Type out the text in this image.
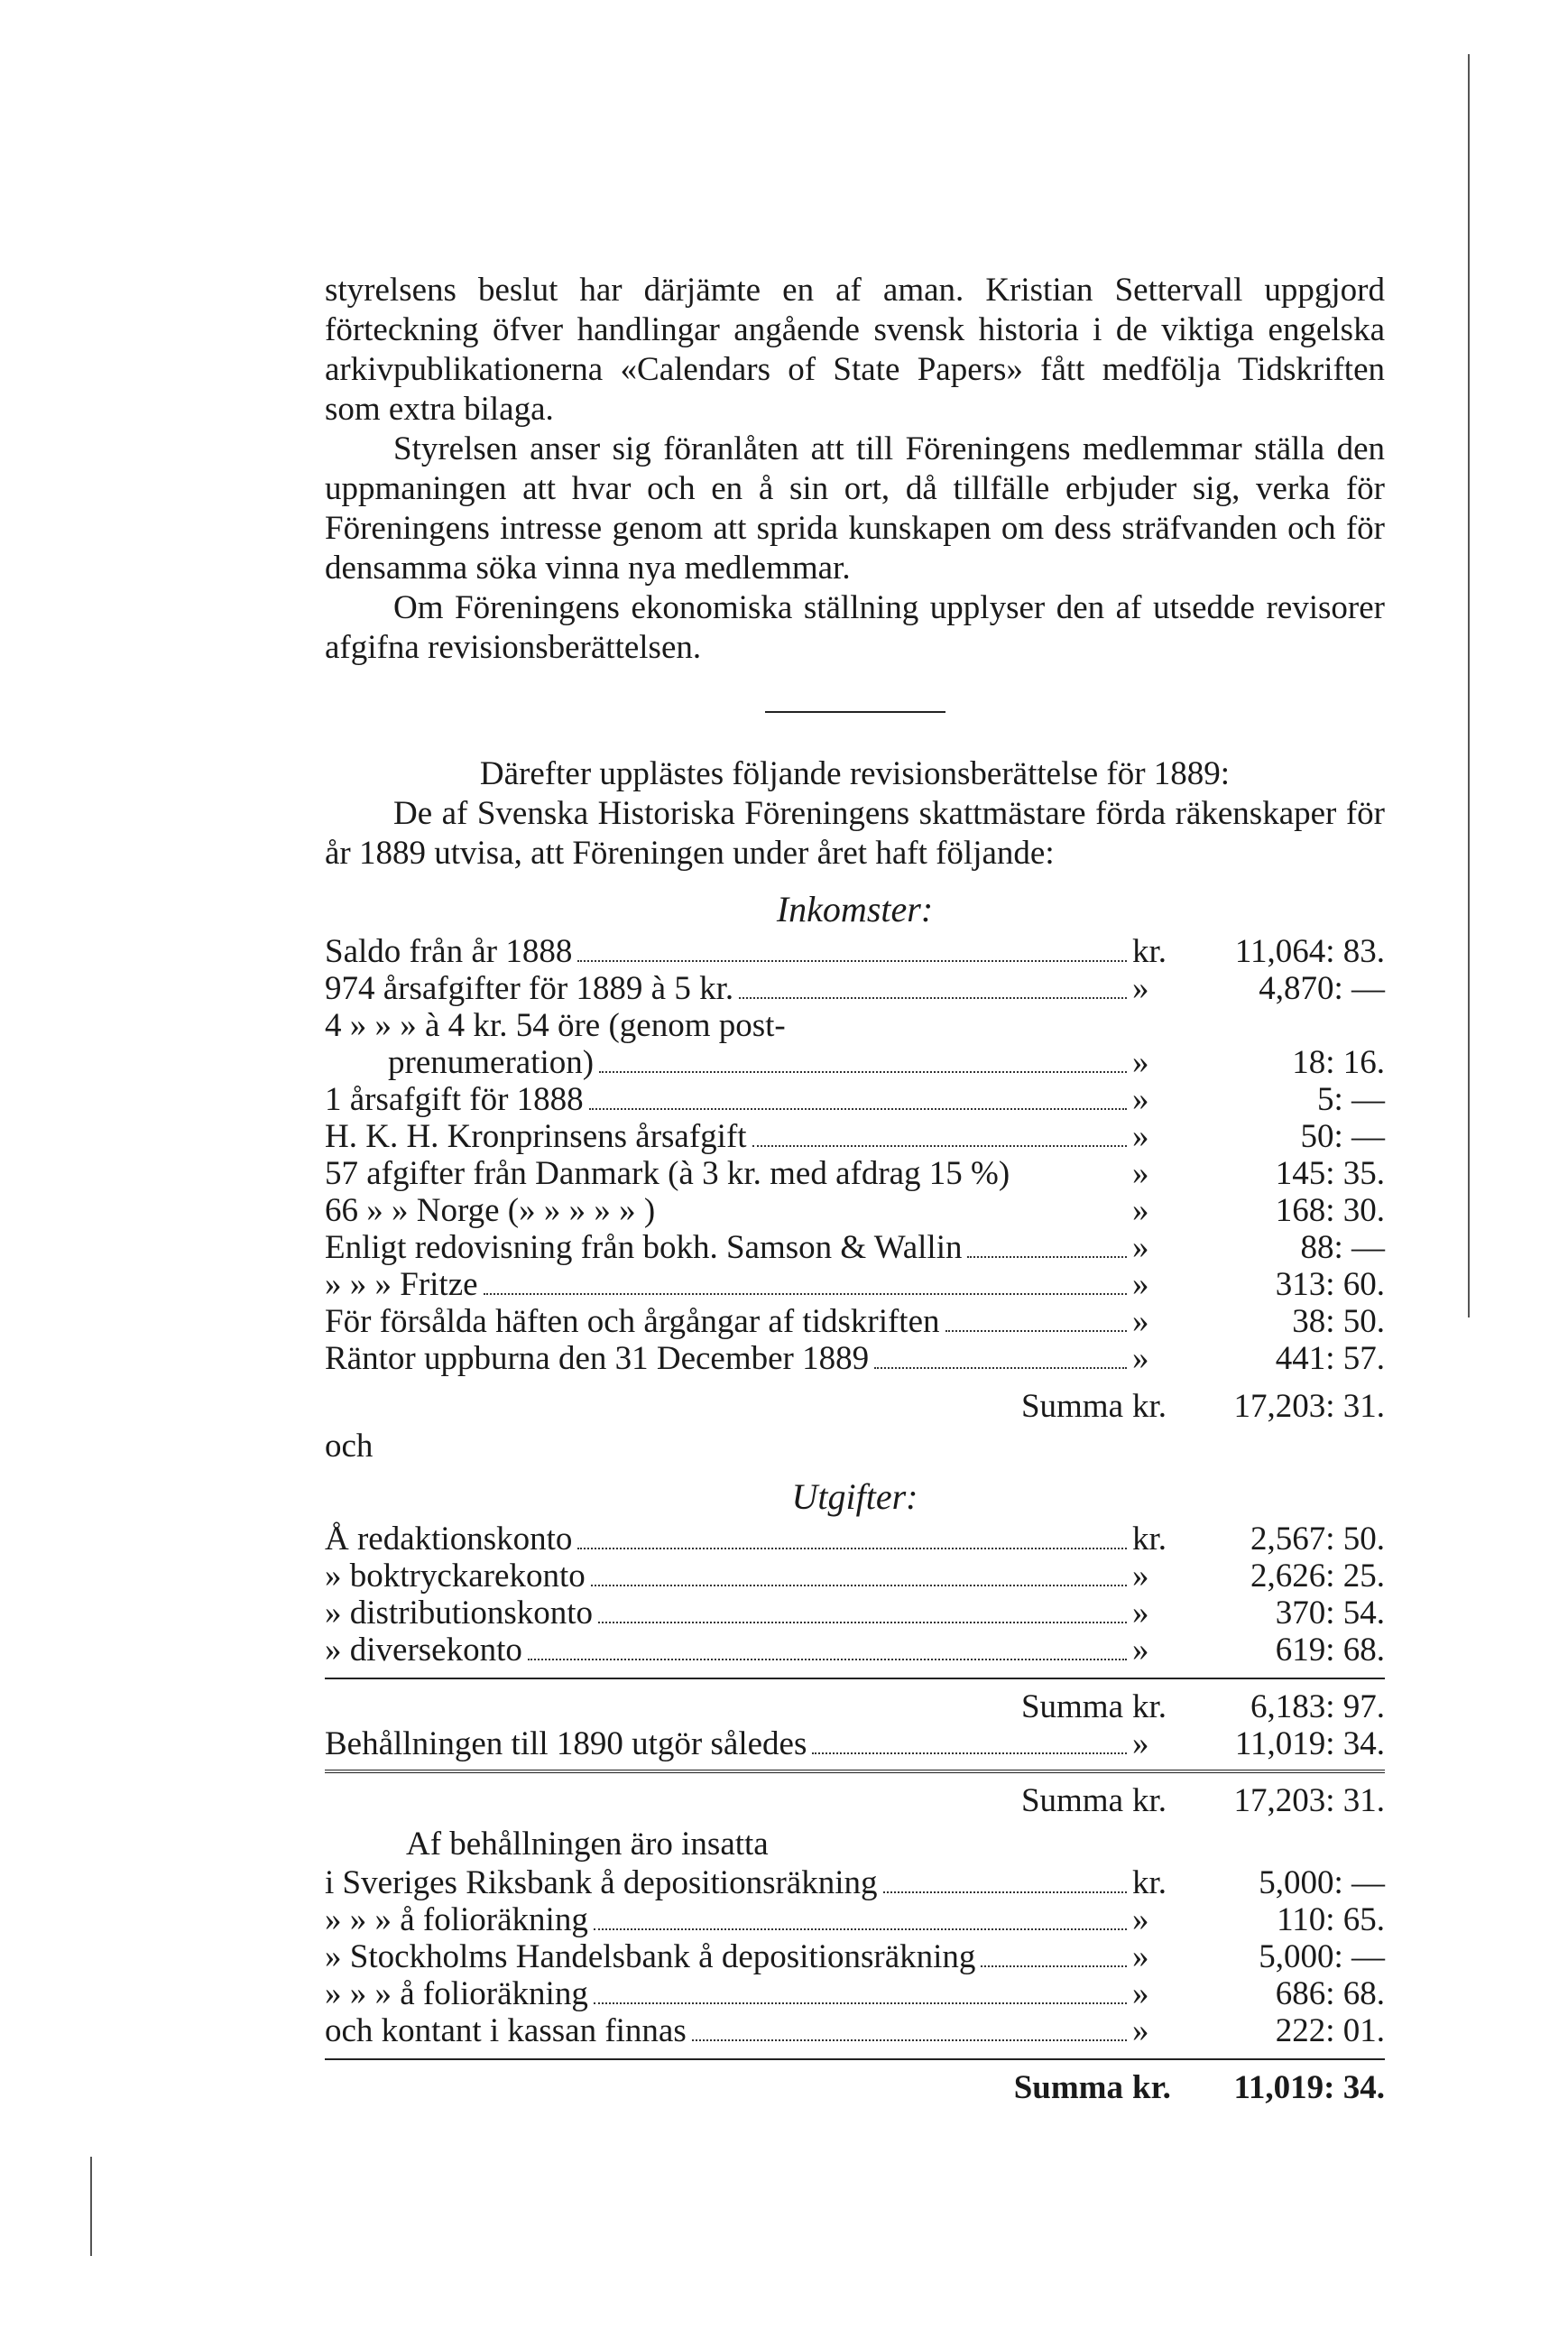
styrelsens beslut har därjämte en af aman. Kristian Settervall uppgjord förteckning öfver handlingar angående svensk historia i de viktiga engelska arkivpublikationerna «Calendars of State Papers» fått medfölja Tidskriften som extra bilaga.

Styrelsen anser sig föranlåten att till Föreningens medlemmar ställa den uppmaningen att hvar och en å sin ort, då tillfälle erbjuder sig, verka för Föreningens intresse genom att sprida kunskapen om dess sträfvanden och för densamma söka vinna nya medlemmar.

Om Föreningens ekonomiska ställning upplyser den af utsedde revisorer afgifna revisionsberättelsen.

Därefter upplästes följande revisionsberättelse för 1889:

De af Svenska Historiska Föreningens skattmästare förda räkenskaper för år 1889 utvisa, att Föreningen under året haft följande:

Inkomster:

Saldo från år 1888	kr.	11,064: 83.
974 årsafgifter för 1889 à 5 kr.	»	4,870: —
4 » » » à 4 kr. 54 öre (genom post-
prenumeration)	»	18: 16.
1 årsafgift för 1888	»	5: —
H. K. H. Kronprinsens årsafgift	»	50: —
57 afgifter från Danmark (à 3 kr. med afdrag 15 %)	»	145: 35.
66 » » Norge (» » » » » )	»	168: 30.
Enligt redovisning från bokh. Samson & Wallin	»	88: —
» » » Fritze	»	313: 60.
För försålda häften och årgångar af tidskriften	»	38: 50.
Räntor uppburna den 31 December 1889	»	441: 57.
Summa kr.	17,203: 31.

och

Utgifter:

Å redaktionskonto	kr.	2,567: 50.
» boktryckarekonto	»	2,626: 25.
» distributionskonto	»	370: 54.
» diversekonto	»	619: 68.
Summa kr.	6,183: 97.
Behållningen till 1890 utgör således	»	11,019: 34.
Summa kr.	17,203: 31.

Af behållningen äro insatta

i Sveriges Riksbank å depositionsräkning	kr.	5,000: —
» » » å folioräkning	»	110: 65.
» Stockholms Handelsbank å depositionsräkning	»	5,000: —
» » » å folioräkning	»	686: 68.
och kontant i kassan finnas	»	222: 01.
Summa kr.	11,019: 34.
